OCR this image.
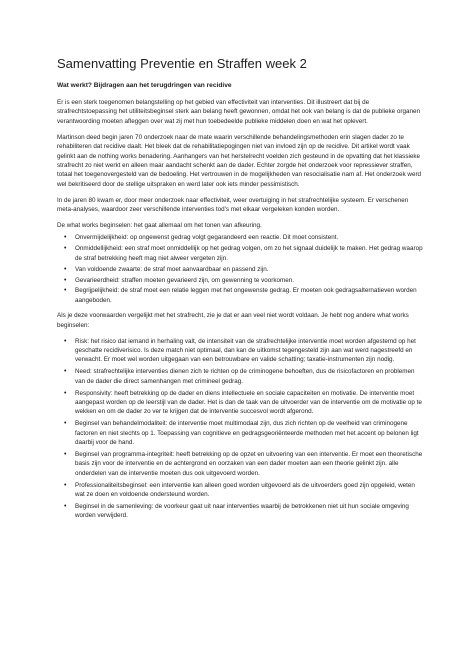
Samenvatting Preventie en Straffen week 2
Wat werkt? Bijdragen aan het terugdringen van recidive

Er is een sterk toegenomen belangstelling op het gebied van effectiviteit van interventies. Dit illustreert dat bij de strafrechtstoepassing het utiliteitsbeginsel sterk aan belang heeft gewonnen, omdat het ook van belang is dat de publieke organen verantwoording moeten afleggen over wat zij met hun toebedeelde publieke middelen doen en wat het oplevert.

Martinson deed begin jaren 70 onderzoek naar de mate waarin verschillende behandelingsmethoden erin slagen dader zo te rehabiliteren dat recidive daalt. Het bleek dat de rehabilitatiepogingen niet van invloed zijn op de recidive. Dit artikel wordt vaak gelinkt aan de nothing works benadering. Aanhangers van het herstelrecht voelden zich gesteund in de opvatting dat het klassieke strafrecht zo niet werkt en alleen maar aandacht schenkt aan de dader. Echter zorgde het onderzoek voor repressiever straffen, totaal het toegenovergesteld van de bedoeling. Het vertrouwen in de mogelijkheden van resocialisatie nam af. Het onderzoek werd wel bekritiseerd door de stellige uitspraken en werd later ook iets minder pessimistisch.

In de jaren 80 kwam er, door meer onderzoek naar effectiviteit, weer overtuiging in het strafrechtelijke systeem. Er verschenen meta-analyses, waardoor zeer verschillende interventies tod's met elkaar vergeleken konden worden.

De what works beginselen: het gaat allemaal om het tonen van afkeuring.

• Onvermijdelijkheid: op ongewenst gedrag volgt gegarandeerd een reactie. Dit moet consistent.
• Onmiddellijkheid: een straf moet onmiddellijk op het gedrag volgen, om zo het signaal duidelijk te maken. Het gedrag waarop de straf betrekking heeft mag niet alweer vergeten zijn.
• Van voldoende zwaarte: de straf moet aanvaardbaar en passend zijn.
• Gevarieerdheid: straffen moeten gevarieerd zijn, om gewenning te voorkomen.
• Begrijpelijkheid: de straf moet een relatie leggen met het ongewenste gedrag. Er moeten ook gedragsalternatieven worden aangeboden.

Als je deze voorwaarden vergelijkt met het strafrecht, zie je dat er aan veel niet wordt voldaan. Je hebt nog andere what works beginselen:

• Risk: het risico dat iemand in herhaling valt, de intensiteit van de strafrechtelijke interventie moet worden afgestemd op het geschatte recidiverisico. Is deze match niet optimaal, dan kan de uitkomst tegengesteld zijn aan wat werd nagestreefd en verwacht. Er moet wel worden uitgegaan van een betrouwbare en valide schatting; taxatie-instrumenten zijn nodig.
• Need: strafrechtelijke interventies dienen zich te richten op de criminogene behoeften, dus de risicofactoren en problemen van de dader die direct samenhangen met crimineel gedrag.
• Responsivity: heeft betrekking op de dader en diens intellectuele en sociale capaciteiten en motivatie. De interventie moet aangepast worden op de leerstijl van de dader. Het is dan de taak van de uitvoerder van de interventie om de motivatie op te wekken en om de dader zo ver te krijgen dat de interventie succesvol wordt afgerond.
• Beginsel van behandelmodaliteit: de interventie moet multimodaal zijn, dus zich richten op de veelheid van criminogene factoren en niet slechts op 1. Toepassing van cognitieve en gedragsgeoriënteerde methoden met het accent op belonen ligt daarbij voor de hand.
• Beginsel van programma-integriteit: heeft betrekking op de opzet en uitvoering van een interventie. Er moet een theoretische basis zijn voor de interventie en de achtergrond en oorzaken van een dader moeten aan een theorie gelinkt zijn. alle onderdelen van de interventie moeten dus ook uitgevoerd worden.
• Professionaliteitsbeginsel: een interventie kan alleen goed worden uitgevoerd als de uitvoerders goed zijn opgeleid, weten wat ze doen en voldoende ondersteund worden.
• Beginsel in de samenleving: de voorkeur gaat uit naar interventies waarbij de betrokkenen niet uit hun sociale omgeving worden verwijderd.
